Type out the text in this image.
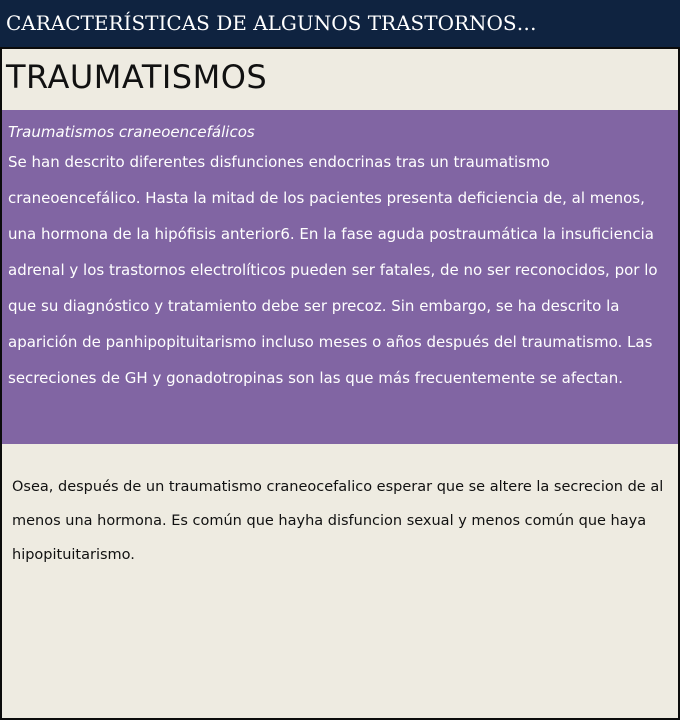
CARACTERÍSTICAS DE ALGUNOS TRASTORNOS…
TRAUMATISMOS
Traumatismos craneoencefálicos
Se han descrito diferentes disfunciones endocrinas tras un traumatismo craneoencefálico. Hasta la mitad de los pacientes presenta deficiencia de, al menos, una hormona de la hipófisis anterior6. En la fase aguda postraumática la insuficiencia adrenal y los trastornos electrolíticos pueden ser fatales, de no ser reconocidos, por lo que su diagnóstico y tratamiento debe ser precoz. Sin embargo, se ha descrito la aparición de panhipopituitarismo incluso meses o años después del traumatismo. Las secreciones de GH y gonadotropinas son las que más frecuentemente se afectan.
Osea, después de un traumatismo craneocefalico esperar que se altere la secrecion de al menos una hormona. Es común que hayha disfuncion sexual y menos común que haya hipopituitarismo.
